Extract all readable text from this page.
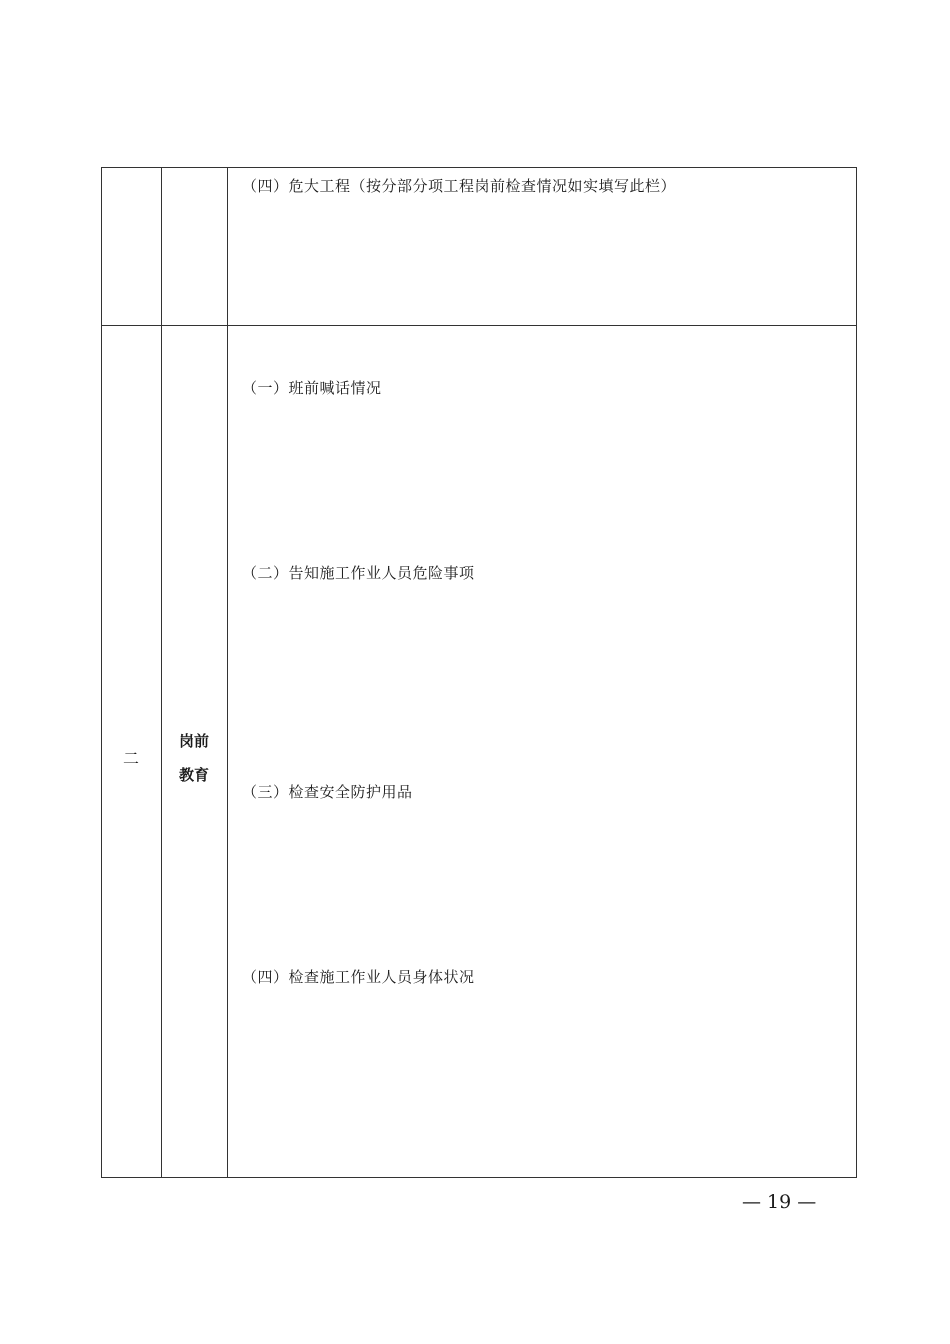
（四）危大工程（按分部分项工程岗前检查情况如实填写此栏）
二
岗前
教育
（一）班前喊话情况
（二）告知施工作业人员危险事项
（三）检查安全防护用品
（四）检查施工作业人员身体状况
— 19 —
